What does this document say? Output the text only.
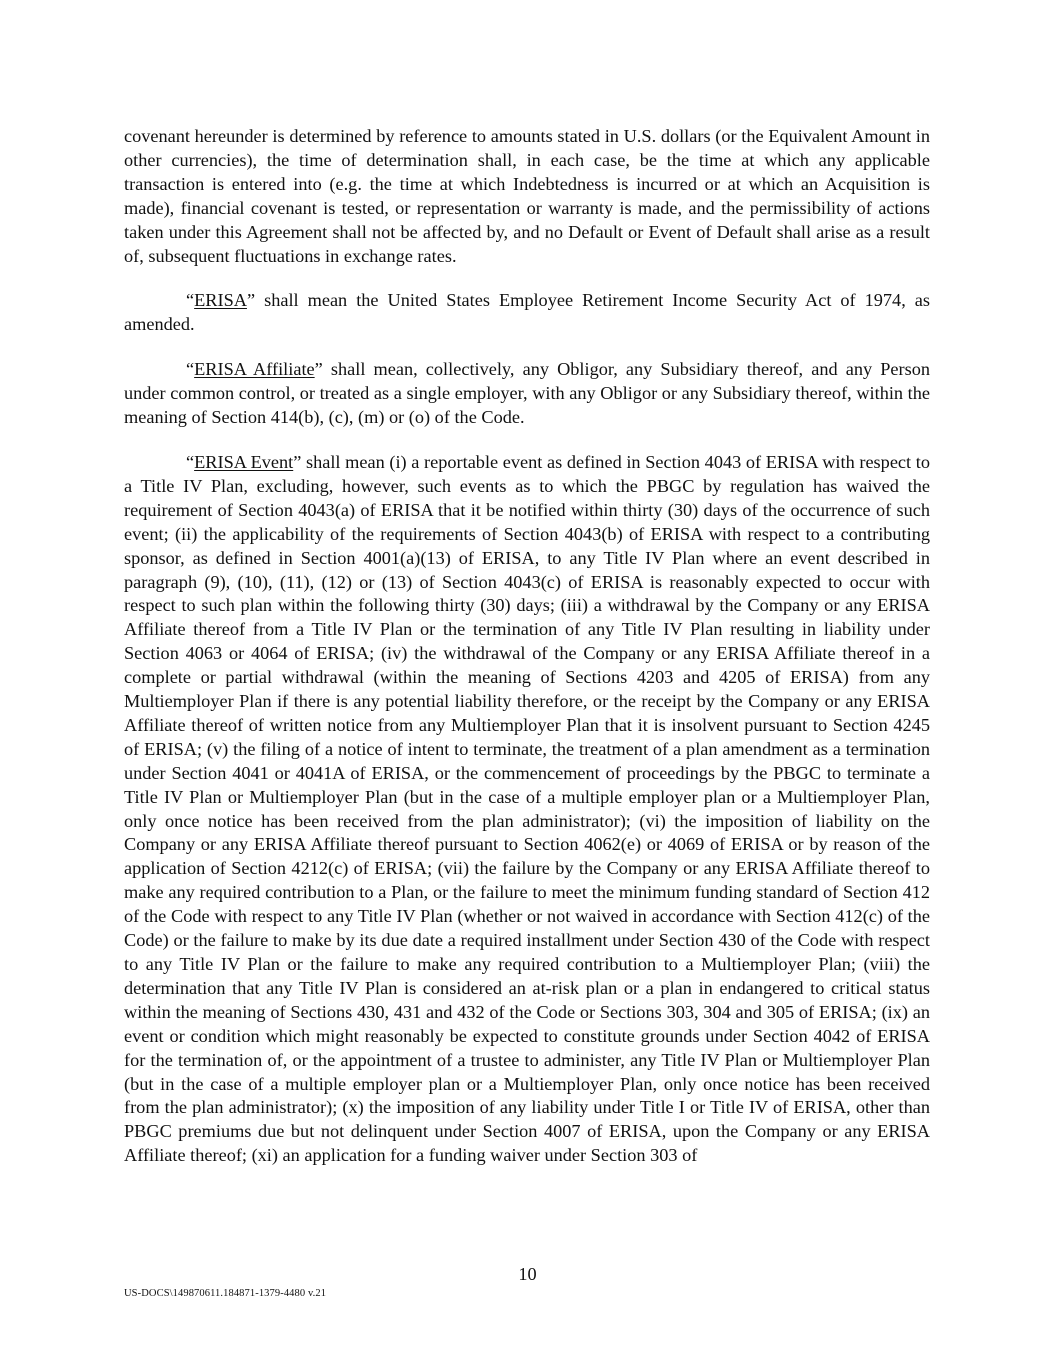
covenant hereunder is determined by reference to amounts stated in U.S. dollars (or the Equivalent Amount in other currencies), the time of determination shall, in each case, be the time at which any applicable transaction is entered into (e.g. the time at which Indebtedness is incurred or at which an Acquisition is made), financial covenant is tested, or representation or warranty is made, and the permissibility of actions taken under this Agreement shall not be affected by, and no Default or Event of Default shall arise as a result of, subsequent fluctuations in exchange rates.

“ERISA” shall mean the United States Employee Retirement Income Security Act of 1974, as amended.

“ERISA Affiliate” shall mean, collectively, any Obligor, any Subsidiary thereof, and any Person under common control, or treated as a single employer, with any Obligor or any Subsidiary thereof, within the meaning of Section 414(b), (c), (m) or (o) of the Code.

“ERISA Event” shall mean (i) a reportable event as defined in Section 4043 of ERISA with respect to a Title IV Plan, excluding, however, such events as to which the PBGC by regulation has waived the requirement of Section 4043(a) of ERISA that it be notified within thirty (30) days of the occurrence of such event; (ii) the applicability of the requirements of Section 4043(b) of ERISA with respect to a contributing sponsor, as defined in Section 4001(a)(13) of ERISA, to any Title IV Plan where an event described in paragraph (9), (10), (11), (12) or (13) of Section 4043(c) of ERISA is reasonably expected to occur with respect to such plan within the following thirty (30) days; (iii) a withdrawal by the Company or any ERISA Affiliate thereof from a Title IV Plan or the termination of any Title IV Plan resulting in liability under Section 4063 or 4064 of ERISA; (iv) the withdrawal of the Company or any ERISA Affiliate thereof in a complete or partial withdrawal (within the meaning of Sections 4203 and 4205 of ERISA) from any Multiemployer Plan if there is any potential liability therefore, or the receipt by the Company or any ERISA Affiliate thereof of written notice from any Multiemployer Plan that it is insolvent pursuant to Section 4245 of ERISA; (v) the filing of a notice of intent to terminate, the treatment of a plan amendment as a termination under Section 4041 or 4041A of ERISA, or the commencement of proceedings by the PBGC to terminate a Title IV Plan or Multiemployer Plan (but in the case of a multiple employer plan or a Multiemployer Plan, only once notice has been received from the plan administrator); (vi) the imposition of liability on the Company or any ERISA Affiliate thereof pursuant to Section 4062(e) or 4069 of ERISA or by reason of the application of Section 4212(c) of ERISA; (vii) the failure by the Company or any ERISA Affiliate thereof to make any required contribution to a Plan, or the failure to meet the minimum funding standard of Section 412 of the Code with respect to any Title IV Plan (whether or not waived in accordance with Section 412(c) of the Code) or the failure to make by its due date a required installment under Section 430 of the Code with respect to any Title IV Plan or the failure to make any required contribution to a Multiemployer Plan; (viii) the determination that any Title IV Plan is considered an at-risk plan or a plan in endangered to critical status within the meaning of Sections 430, 431 and 432 of the Code or Sections 303, 304 and 305 of ERISA; (ix) an event or condition which might reasonably be expected to constitute grounds under Section 4042 of ERISA for the termination of, or the appointment of a trustee to administer, any Title IV Plan or Multiemployer Plan (but in the case of a multiple employer plan or a Multiemployer Plan, only once notice has been received from the plan administrator); (x) the imposition of any liability under Title I or Title IV of ERISA, other than PBGC premiums due but not delinquent under Section 4007 of ERISA, upon the Company or any ERISA Affiliate thereof; (xi) an application for a funding waiver under Section 303 of

10
US-DOCS\149870611.184871-1379-4480 v.21
